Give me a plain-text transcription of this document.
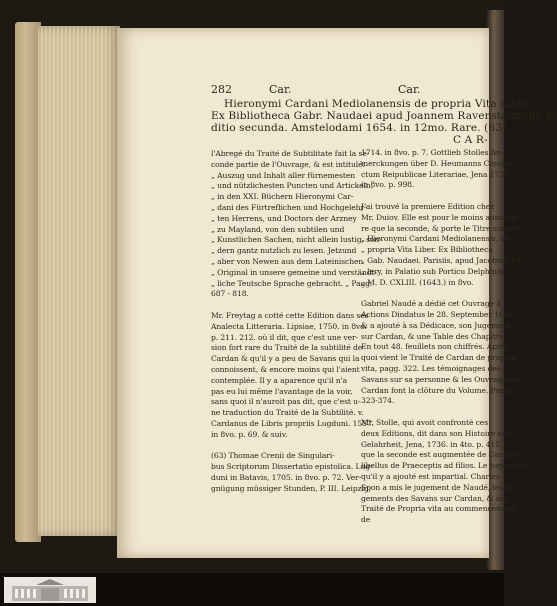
282	Car.	Car.
Hieronymi Cardani Mediolanensis de propria Vita Liber.
Ex Bibliotheca Gabr. Naudaei apud Joannem Ravensteinium. E-
ditio secunda. Amstelodami 1654. in 12mo. Rare. (63)
C A R-
l'Abregé du Traité de Subtilitate fait la se-
conde partie de l'Ouvrage, & est intitulé:
„ Auszug und Inhalt aller fürnemesten
„ und nützlichesten Puncten und Artickeln,
„ in den XXI. Büchern Hieronymi Car-
„ dani des Fürtreflichen und Hochgelehr-
„ ten Herrens, und Doctors der Arzney
„ zu Mayland, von den subtilen und
„ Kunstlichen Sachen, nicht allein lustig, son-
„ dern gantz nutzlich zu lesen. Jetzund
„ aber von Newen aus dem Lateinischen
„ Original in unsere gemeine und verständt-
„ liche Teutsche Sprache gebracht. „ Pagg.
687 - 818.
Mr. Freytag a cotté cette Edition dans ses
Analecta Litteraria. Lipsiae, 1750. in 8vo.
p. 211. 212. où il dit, que c'est une ver-
sion fort rare du Traité de la subtilité de
Cardan & qu'il y a peu de Savans qui la
connoissent, & encore moins qui l'aient
contemplée. Il y a aparence qu'il n'a
pas eu lui même l'avantage de la voir,
sans quoi il n'auroit pas dit, que c'est u-
ne traduction du Traité de la Subtilité. v.
Cardanus de Libris propriis Lugduni. 1557.
in 8vo. p. 69. & suiv.
(63) Thomae Crenii de Singulari-
bus Scriptorum Dissertatio epistolica. Lug-
duni in Batavis, 1705. in 8vo. p. 72. Ver-
gnügung müssiger Stunden, P. III. Leipzig,
1714. in 8vo. p. 7. Gottlieb Stolles An-
merckungen über D. Heumanns Conspe-
ctum Reipublicae Literariae, Jena 1738.
in 8vo. p. 998.
J'ai trouvé la premiere Edition chez
Mr. Duiov. Elle est pour le moins aussi ra-
re que la seconde, & porte le Titre suivant:
„ Hieronymi Cardani Mediolanensis, de
„ propria Vita Liber. Ex Bibliotheca
„ Gab. Naudaei. Parisiis, apud Jacobum Vil-
„ lery, in Palatio sub Porticu Delphinali.
„ M. D. CXLIII. (1643.) in 8vo.
Gabriel Naudé a dédié cet Ouvrage à
Actions Dindatus le 28. September 1642.
& a ajouté à sa Dédicace, son Jugement
sur Cardan, & une Table des Chapitres.
En tout 48. feuillets non chiffrés. Après
quoi vient le Traité de Cardan de propria
vita, pagg. 322. Les témoignages des
Savans sur sa personne & les Ouvrages de
Cardan font la clôture du Volume. Pagg.
323-374.
Mr. Stolle, qui avoit confronté ces
deux Editions, dit dans son Histoire des
Gelahrheit, Jena, 1736. in 4to. p. 415.
que la seconde est augmentée de Cardani
libellus de Praeceptis ad filios. Le Jugement
qu'il y a ajouté est impartial. Charles
Spon a mis le jugement de Naudé, les ju-
gements des Savans sur Cardan, & son
Traité de Propria vita au commencement
de
